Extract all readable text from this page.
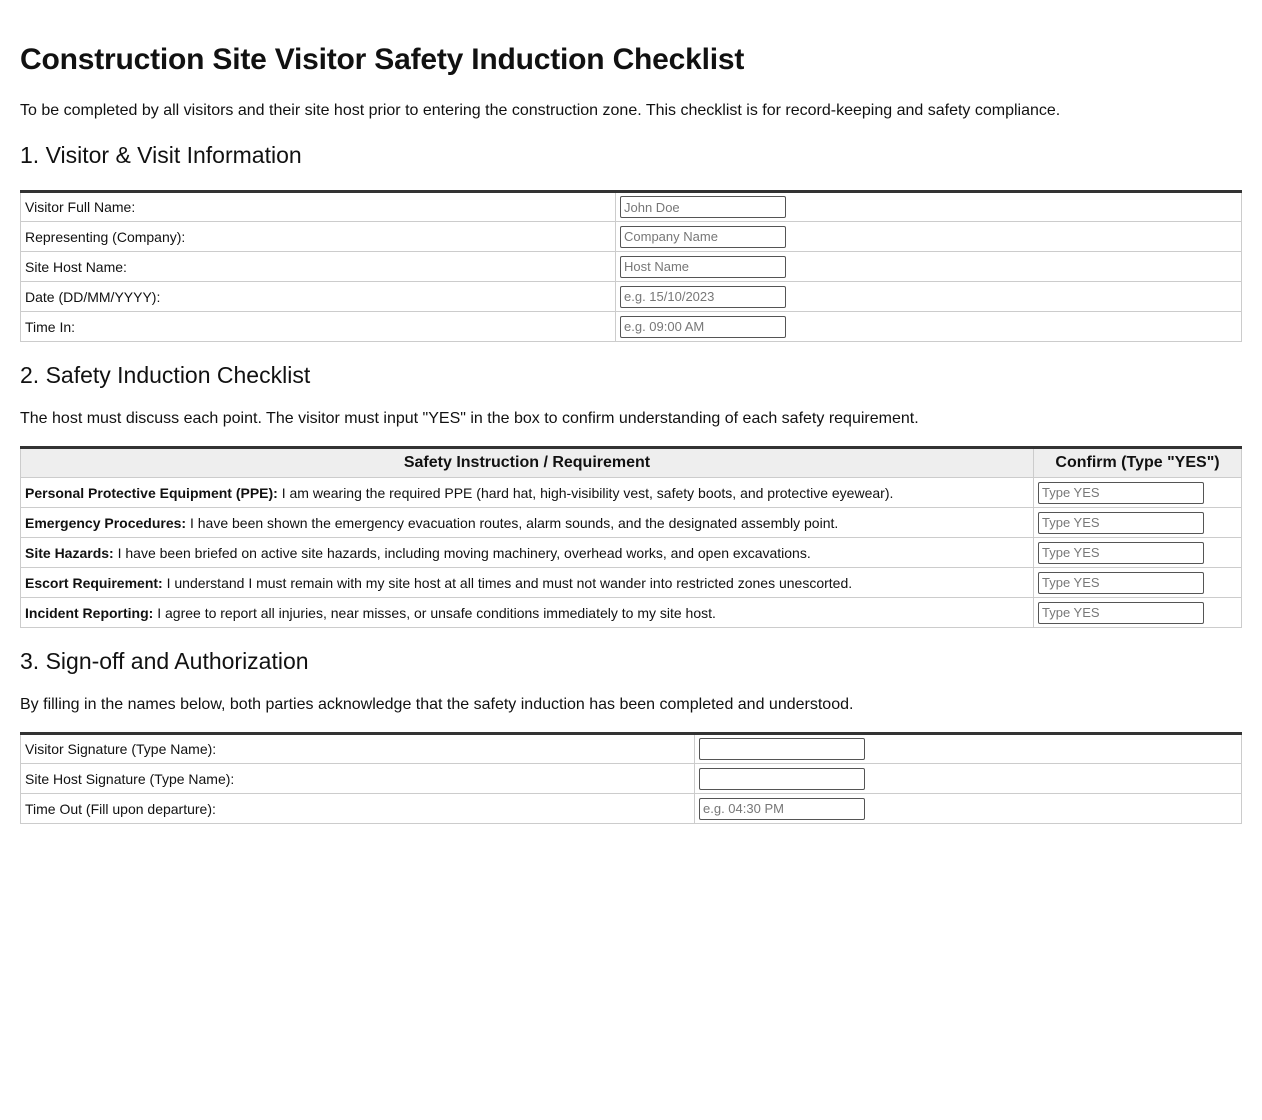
Construction Site Visitor Safety Induction Checklist

To be completed by all visitors and their site host prior to entering the construction zone. This checklist is for record-keeping and safety compliance.

1. Visitor & Visit Information
Visitor Full Name:	John Doe
Representing (Company):	Company Name
Site Host Name:	Host Name
Date (DD/MM/YYYY):	e.g. 15/10/2023
Time In:	e.g. 09:00 AM
2. Safety Induction Checklist

The host must discuss each point. The visitor must input "YES" in the box to confirm understanding of each safety requirement.

Safety Instruction / Requirement	Confirm (Type "YES")
Personal Protective Equipment (PPE): I am wearing the required PPE (hard hat, high-visibility vest, safety boots, and protective eyewear).	Type YES
Emergency Procedures: I have been shown the emergency evacuation routes, alarm sounds, and the designated assembly point.	Type YES
Site Hazards: I have been briefed on active site hazards, including moving machinery, overhead works, and open excavations.	Type YES
Escort Requirement: I understand I must remain with my site host at all times and must not wander into restricted zones unescorted.	Type YES
Incident Reporting: I agree to report all injuries, near misses, or unsafe conditions immediately to my site host.	Type YES
3. Sign-off and Authorization

By filling in the names below, both parties acknowledge that the safety induction has been completed and understood.

Visitor Signature (Type Name):	
Site Host Signature (Type Name):	
Time Out (Fill upon departure):	e.g. 04:30 PM
